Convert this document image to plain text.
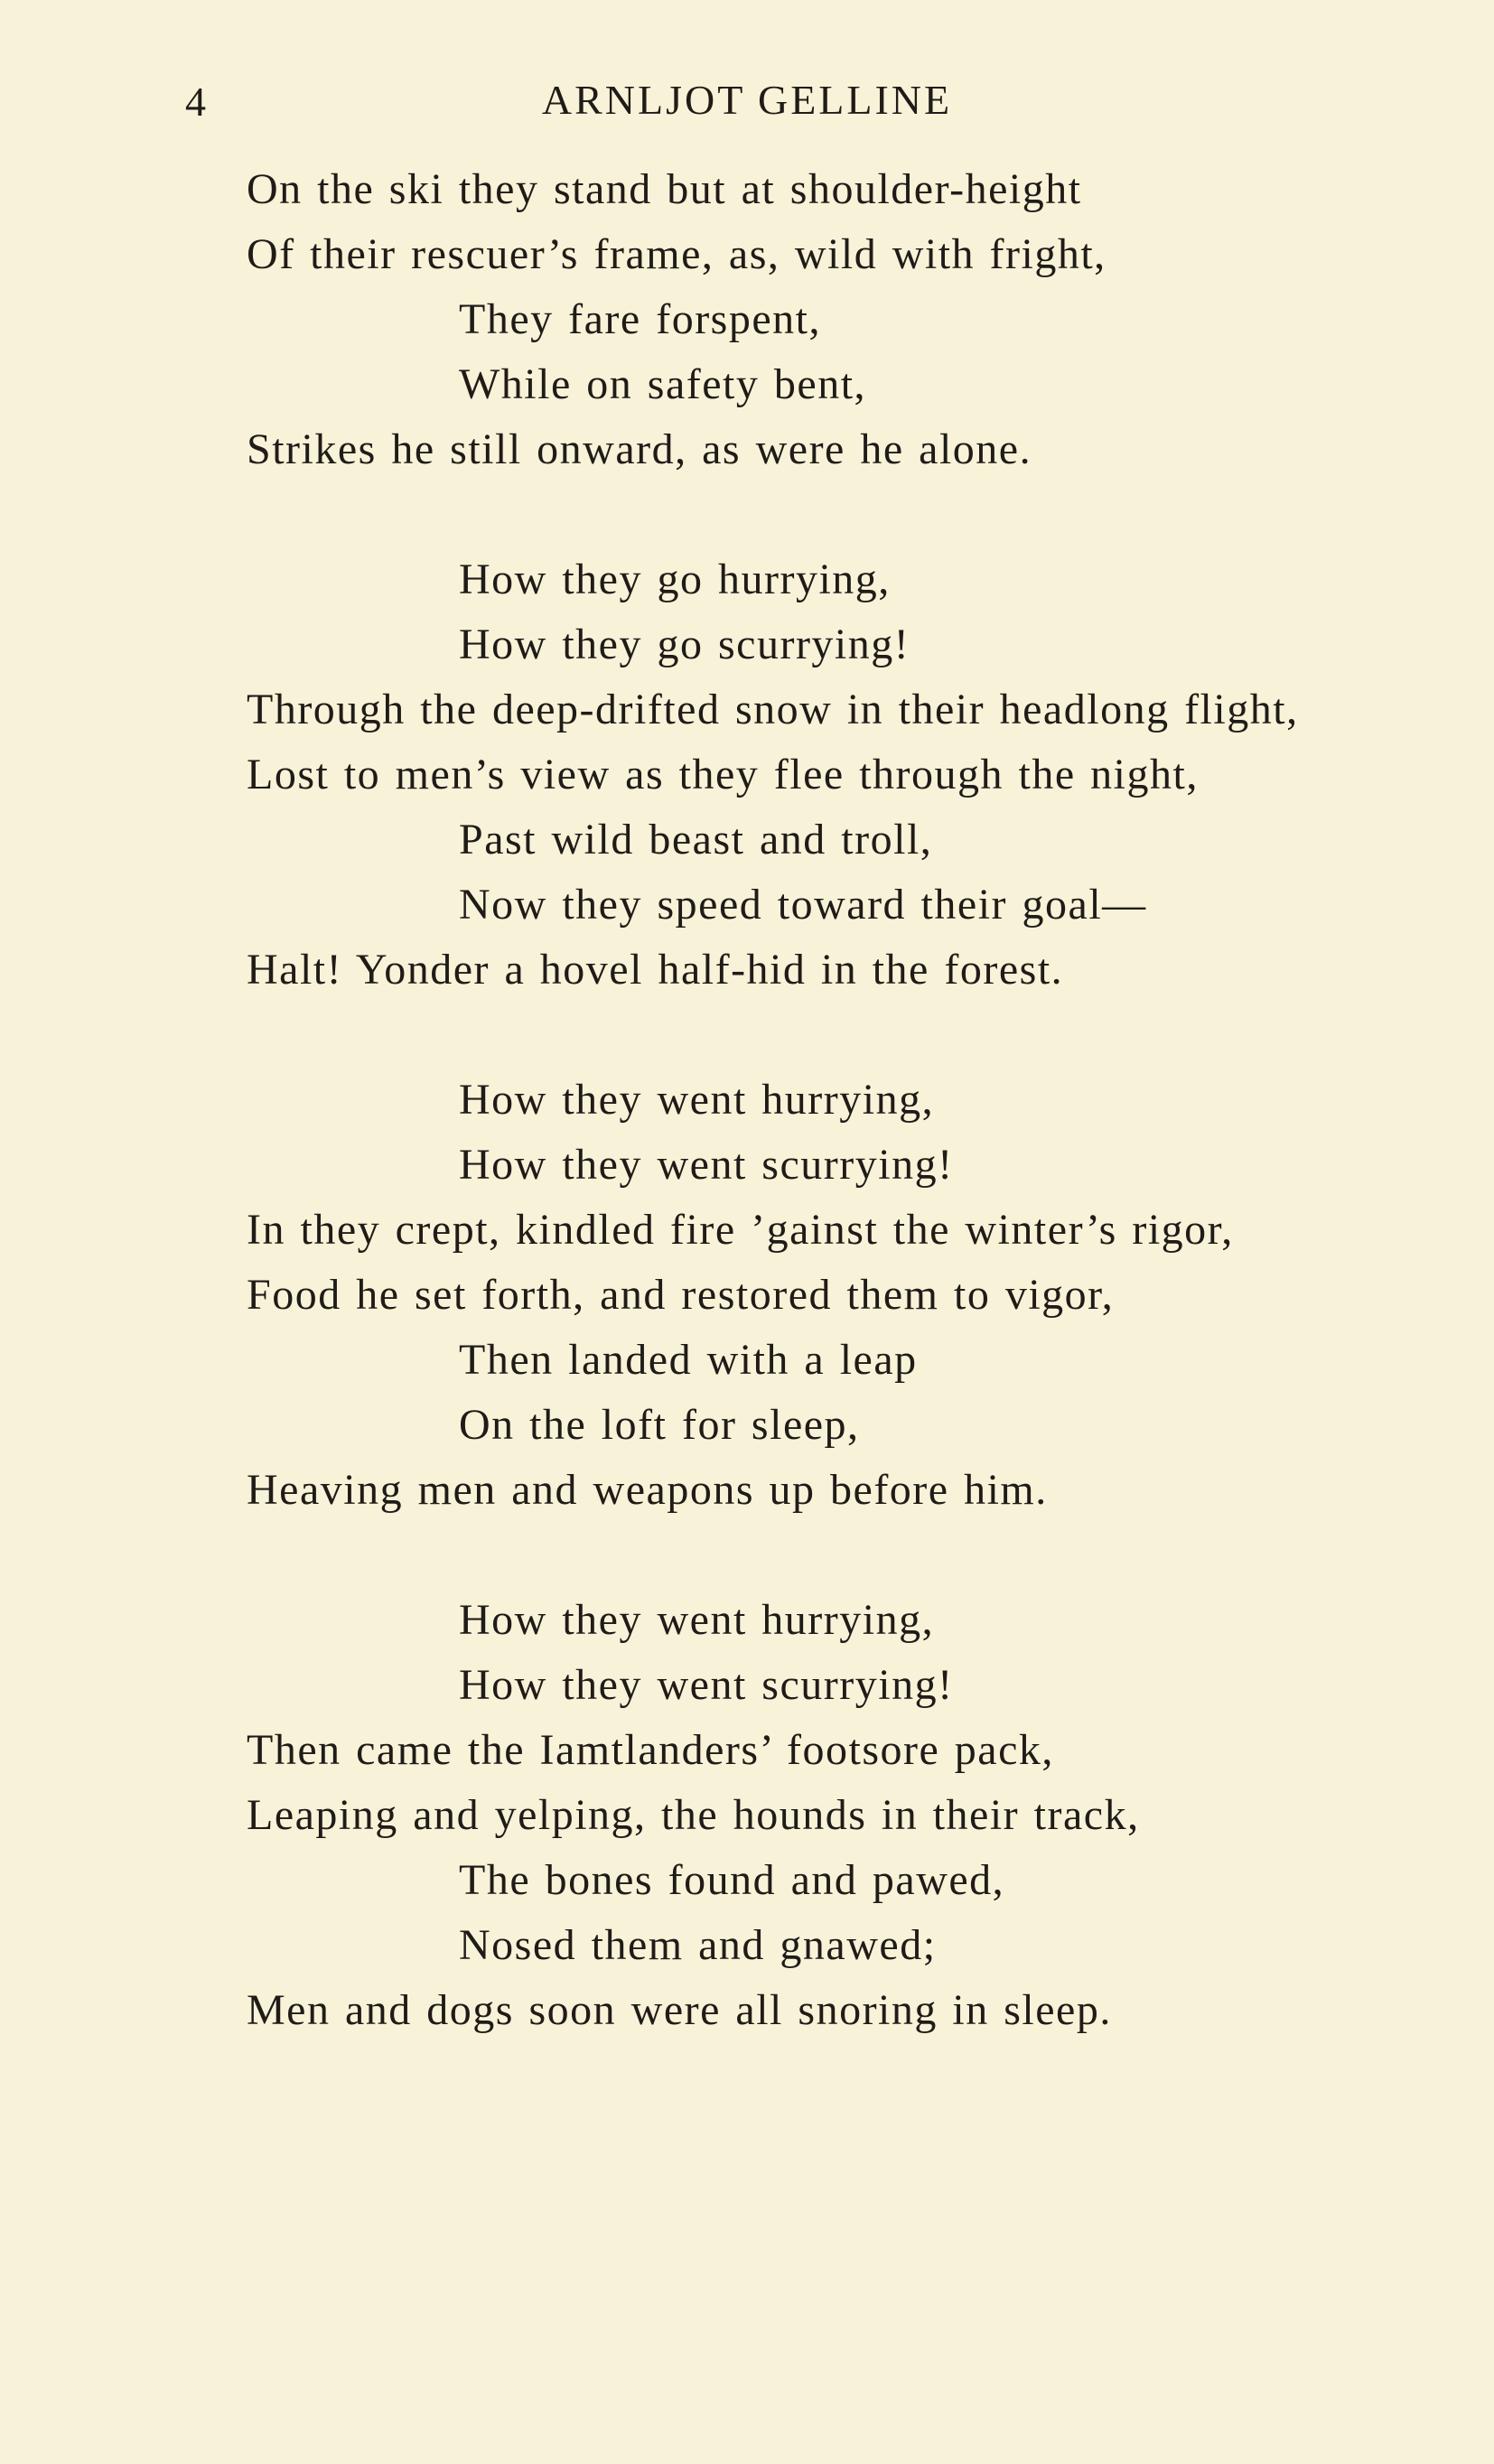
4	ARNLJOT GELLINE
On the ski they stand but at shoulder-height
Of their rescuer’s frame, as, wild with fright,
They fare forspent,
While on safety bent,
Strikes he still onward, as were he alone.
How they go hurrying,
How they go scurrying!
Through the deep-drifted snow in their headlong flight,
Lost to men’s view as they flee through the night,
Past wild beast and troll,
Now they speed toward their goal—
Halt! Yonder a hovel half-hid in the forest.
How they went hurrying,
How they went scurrying!
In they crept, kindled fire ’gainst the winter’s rigor,
Food he set forth, and restored them to vigor,
Then landed with a leap
On the loft for sleep,
Heaving men and weapons up before him.
How they went hurrying,
How they went scurrying!
Then came the Iamtlanders’ footsore pack,
Leaping and yelping, the hounds in their track,
The bones found and pawed,
Nosed them and gnawed;
Men and dogs soon were all snoring in sleep.
